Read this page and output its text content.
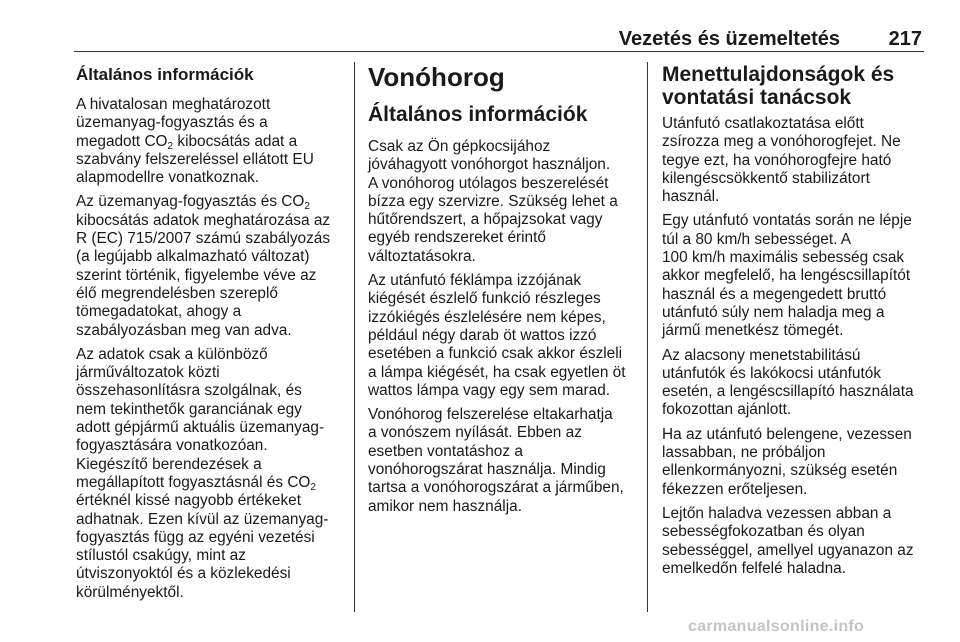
Vezetés és üzemeltetés 217
Általános információk

A hivatalosan meghatározott
üzemanyag-fogyasztás és a
megadott $CO_2$ kibocsátás adat a
szabvány felszereléssel ellátott EU
alapmodellre vonatkoznak.

Az üzemanyag-fogyasztás és $CO_2$
kibocsátás adatok meghatározása az
R (EC) 715/2007 számú szabályozás
(a legújabb alkalmazható változat)
szerint történik, figyelembe véve az
élő megrendelésben szereplő
tömegadatokat, ahogy a
szabályozásban meg van adva.

Az adatok csak a különböző
járműváltozatok közti
összehasonlításra szolgálnak, és
nem tekinthetők garanciának egy
adott gépjármű aktuális üzemanyag-
fogyasztására vonatkozóan.
Kiegészítő berendezések a
megállapított fogyasztásnál és $CO_2$
értéknél kissé nagyobb értékeket
adhatnak. Ezen kívül az üzemanyag-
fogyasztás függ az egyéni vezetési
stílustól csakúgy, mint az
útviszonyoktól és a közlekedési
körülményektől.

Vonóhorog
Általános információk

Csak az Ön gépkocsijához
jóváhagyott vonóhorgot használjon.
A vonóhorog utólagos beszerelését
bízza egy szervizre. Szükség lehet a
hűtőrendszert, a hőpajzsokat vagy
egyéb rendszereket érintő
változtatásokra.

Az utánfutó féklámpa izzójának
kiégését észlelő funkció részleges
izzókiégés észlelésére nem képes,
például négy darab öt wattos izzó
esetében a funkció csak akkor észleli
a lámpa kiégését, ha csak egyetlen öt
wattos lámpa vagy egy sem marad.

Vonóhorog felszerelése eltakarhatja
a vonószem nyílását. Ebben az
esetben vontatáshoz a
vonóhorogszárat használja. Mindig
tartsa a vonóhorogszárat a járműben,
amikor nem használja.

Menettulajdonságok és
vontatási tanácsok

Utánfutó csatlakoztatása előtt
zsírozza meg a vonóhorogfejet. Ne
tegye ezt, ha vonóhorogfejre ható
kilengéscsökkentő stabilizátort
használ.

Egy utánfutó vontatás során ne lépje
túl a 80 km/h sebességet. A
100 km/h maximális sebesség csak
akkor megfelelő, ha lengéscsillapítót
használ és a megengedett bruttó
utánfutó súly nem haladja meg a
jármű menetkész tömegét.

Az alacsony menetstabilitású
utánfutók és lakókocsi utánfutók
esetén, a lengéscsillapító használata
fokozottan ajánlott.

Ha az utánfutó belengene, vezessen
lassabban, ne próbáljon
ellenkormányozni, szükség esetén
fékezzen erőteljesen.

Lejtőn haladva vezessen abban a
sebességfokozatban és olyan
sebességgel, amellyel ugyanazon az
emelkedőn felfelé haladna.

carmanualsonline.info
